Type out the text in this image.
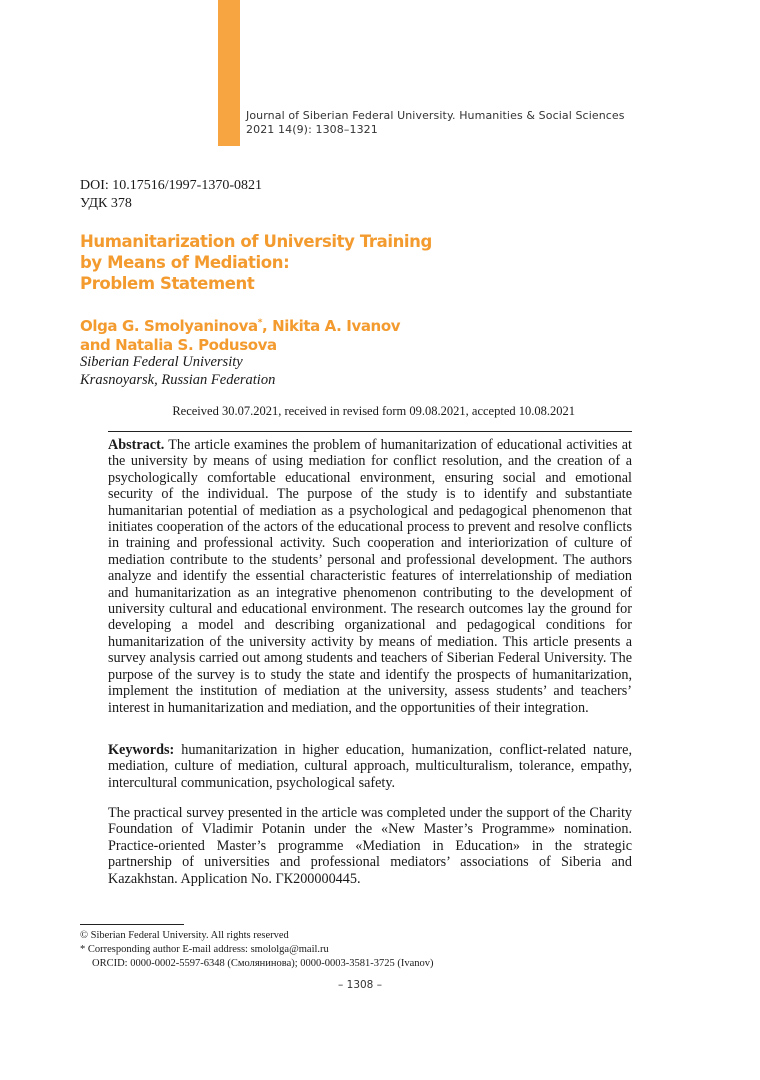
Journal of Siberian Federal University. Humanities & Social Sciences
2021 14(9): 1308–1321
DOI: 10.17516/1997-1370-0821
УДК 378
Humanitarization of University Training
by Means of Mediation:
Problem Statement
Olga G. Smolyaninova*, Nikita A. Ivanov
and Natalia S. Podusova
Siberian Federal University
Krasnoyarsk, Russian Federation
Received 30.07.2021, received in revised form 09.08.2021, accepted 10.08.2021
Abstract. The article examines the problem of humanitarization of educational activities at the university by means of using mediation for conflict resolution, and the creation of a psychologically comfortable educational environment, ensuring social and emotional security of the individual. The purpose of the study is to identify and substantiate humanitarian potential of mediation as a psychological and pedagogical phenomenon that initiates cooperation of the actors of the educational process to prevent and resolve conflicts in training and professional activity. Such cooperation and interiorization of culture of mediation contribute to the students’ personal and professional development. The authors analyze and identify the essential characteristic features of interrelationship of mediation and humanitarization as an integrative phenomenon contributing to the development of university cultural and educational environment. The research outcomes lay the ground for developing a model and describing organizational and pedagogical conditions for humanitarization of the university activity by means of mediation. This article presents a survey analysis carried out among students and teachers of Siberian Federal University. The purpose of the survey is to study the state and identify the prospects of humanitarization, implement the institution of mediation at the university, assess students’ and teachers’ interest in humanitarization and mediation, and the opportunities of their integration.
Keywords: humanitarization in higher education, humanization, conflict-related nature, mediation, culture of mediation, cultural approach, multiculturalism, tolerance, empathy, intercultural communication, psychological safety.
The practical survey presented in the article was completed under the support of the Charity Foundation of Vladimir Potanin under the «New Master’s Programme» nomination. Practice-oriented Master’s programme «Mediation in Education» in the strategic partnership of universities and professional mediators’ associations of Siberia and Kazakhstan. Application No. ГК200000445.
© Siberian Federal University. All rights reserved
* Corresponding author E-mail address: smololga@mail.ru
ORCID: 0000-0002-5597-6348 (Смолянинова); 0000-0003-3581-3725 (Ivanov)
– 1308 –
